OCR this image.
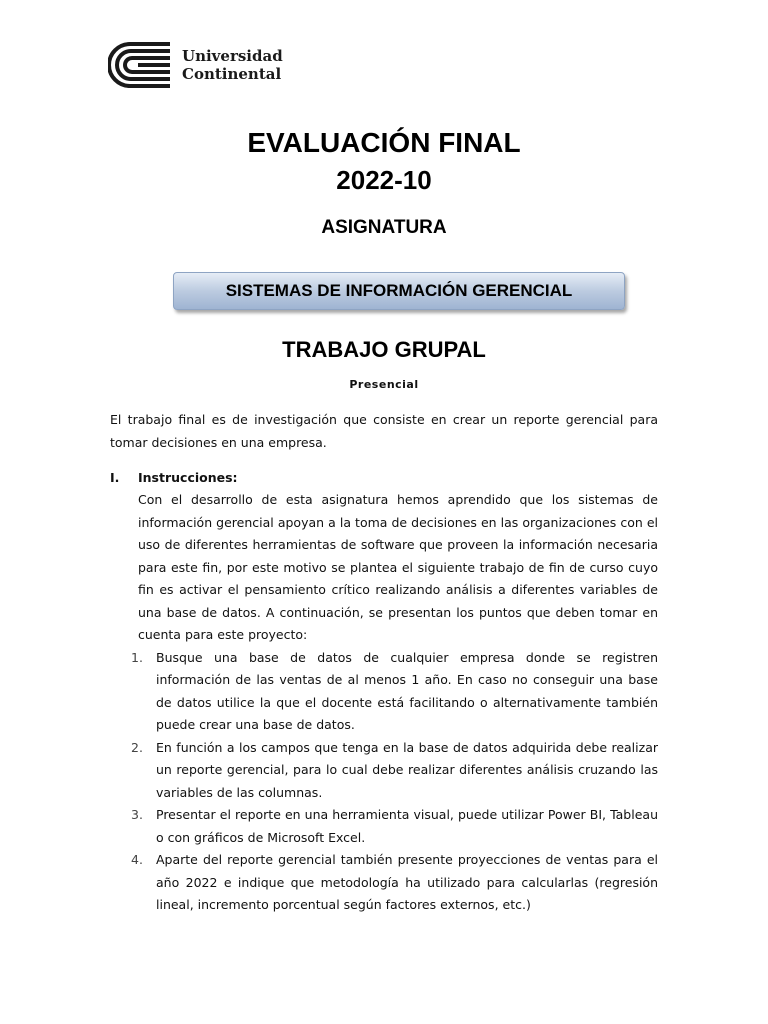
Universidad
Continental
EVALUACIÓN FINAL
2022-10
ASIGNATURA
SISTEMAS DE INFORMACIÓN GERENCIAL
TRABAJO GRUPAL
Presencial
El trabajo final es de investigación que consiste en crear un reporte gerencial para tomar decisiones en una empresa.
I.	Instrucciones:
Con el desarrollo de esta asignatura hemos aprendido que los sistemas de información gerencial apoyan a la toma de decisiones en las organizaciones con el uso de diferentes herramientas de software que proveen la información necesaria para este fin, por este motivo se plantea el siguiente trabajo de fin de curso cuyo fin es activar el pensamiento crítico realizando análisis a diferentes variables de una base de datos. A continuación, se presentan los puntos que deben tomar en cuenta para este proyecto:
1.	Busque una base de datos de cualquier empresa donde se registren información de las ventas de al menos 1 año. En caso no conseguir una base de datos utilice la que el docente está facilitando o alternativamente también puede crear una base de datos.
2.	En función a los campos que tenga en la base de datos adquirida debe realizar un reporte gerencial, para lo cual debe realizar diferentes análisis cruzando las variables de las columnas.
3.	Presentar el reporte en una herramienta visual, puede utilizar Power BI, Tableau o con gráficos de Microsoft Excel.
4.	Aparte del reporte gerencial también presente proyecciones de ventas para el año 2022 e indique que metodología ha utilizado para calcularlas (regresión lineal, incremento porcentual según factores externos, etc.)
